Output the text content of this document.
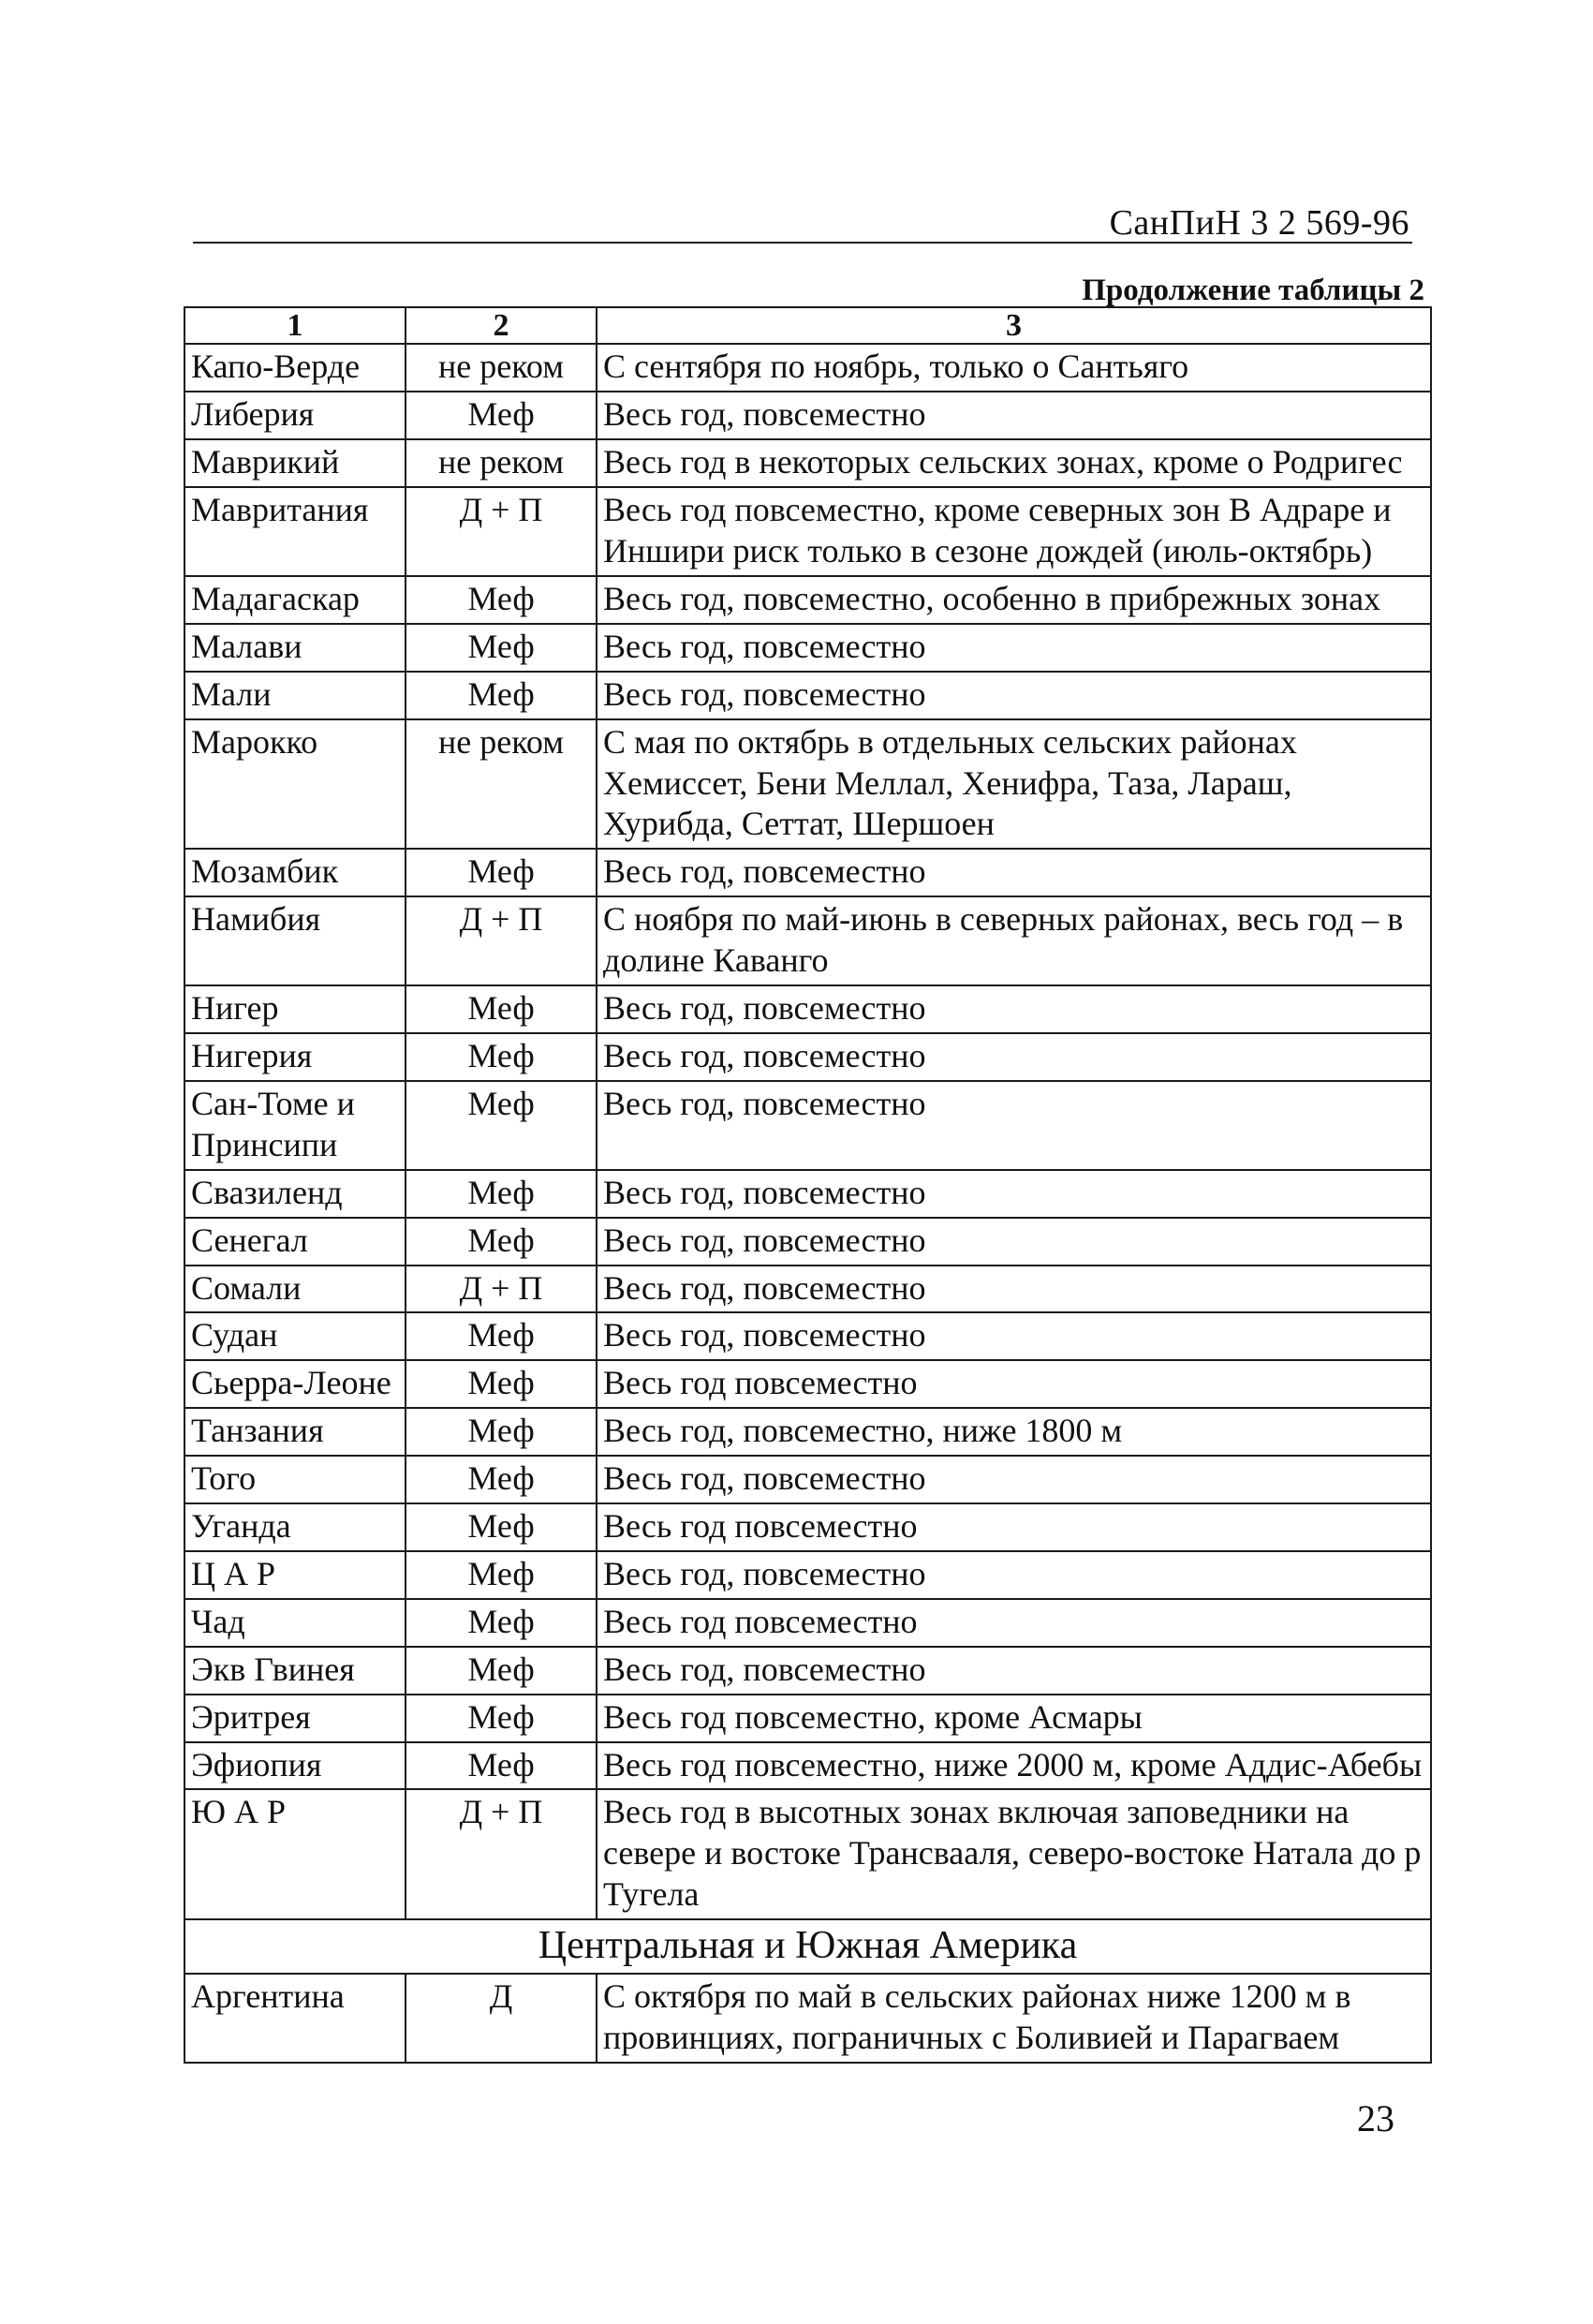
СанПиН 3 2 569-96
Продолжение таблицы 2
1	2	3
Капо-Верде	не реком	С сентября по ноябрь, только о Сантьяго
Либерия	Меф	Весь год, повсеместно
Маврикий	не реком	Весь год в некоторых сельских зонах, кроме о Родригес
Мавритания	Д + П	Весь год повсеместно, кроме северных зон В Адраре и Иншири риск только в сезоне дождей (июль-октябрь)
Мадагаскар	Меф	Весь год, повсеместно, особенно в прибрежных зонах
Малави	Меф	Весь год, повсеместно
Мали	Меф	Весь год, повсеместно
Марокко	не реком	С мая по октябрь в отдельных сельских районах Хемиссет, Бени Меллал, Хенифра, Таза, Лараш, Хурибда, Сеттат, Шершоен
Мозамбик	Меф	Весь год, повсеместно
Намибия	Д + П	С ноября по май-июнь в северных районах, весь год – в долине Каванго
Нигер	Меф	Весь год, повсеместно
Нигерия	Меф	Весь год, повсеместно
Сан-Томе и Принсипи	Меф	Весь год, повсеместно
Свазиленд	Меф	Весь год, повсеместно
Сенегал	Меф	Весь год, повсеместно
Сомали	Д + П	Весь год, повсеместно
Судан	Меф	Весь год, повсеместно
Сьерра-Леоне	Меф	Весь год повсеместно
Танзания	Меф	Весь год, повсеместно, ниже 1800 м
Того	Меф	Весь год, повсеместно
Уганда	Меф	Весь год повсеместно
Ц А Р	Меф	Весь год, повсеместно
Чад	Меф	Весь год повсеместно
Экв Гвинея	Меф	Весь год, повсеместно
Эритрея	Меф	Весь год повсеместно, кроме Асмары
Эфиопия	Меф	Весь год повсеместно, ниже 2000 м, кроме Аддис-Абебы
Ю А Р	Д + П	Весь год в высотных зонах включая заповедники на севере и востоке Трансвааля, северо-востоке Натала до р Тугела
Центральная и Южная Америка		
Аргентина	Д	С октября по май в сельских районах ниже 1200 м в провинциях, пограничных с Боливией и Парагваем
23
